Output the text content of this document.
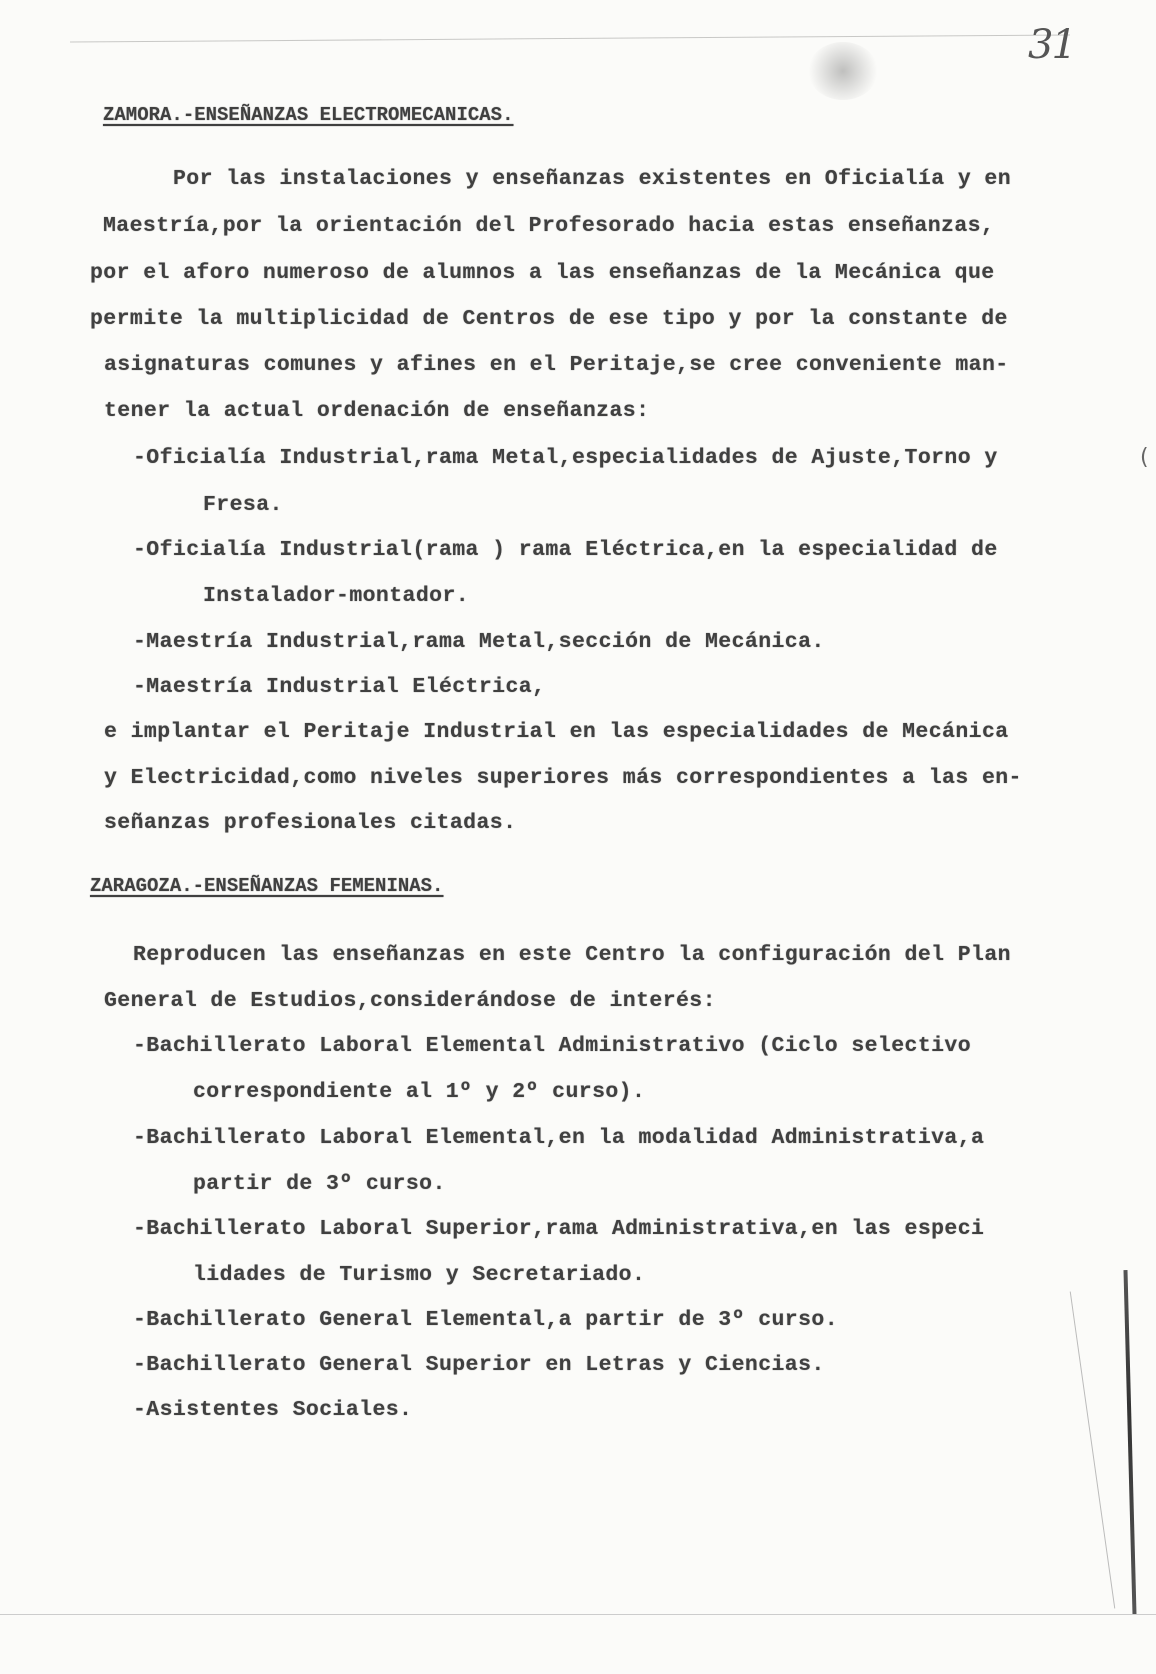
31
(
ZAMORA.-ENSEÑANZAS ELECTROMECANICAS.
Por las instalaciones y enseñanzas existentes en Oficialía y en
Maestría,por la orientación del Profesorado hacia estas enseñanzas,
por el aforo numeroso de alumnos a las enseñanzas de la Mecánica que
permite la multiplicidad de Centros de ese tipo y por la constante de
asignaturas comunes y afines en el Peritaje,se cree conveniente man-
tener la actual ordenación de enseñanzas:
-Oficialía Industrial,rama Metal,especialidades de Ajuste,Torno y
Fresa.
-Oficialía Industrial(rama ) rama Eléctrica,en la especialidad de
Instalador-montador.
-Maestría Industrial,rama Metal,sección de Mecánica.
-Maestría Industrial Eléctrica,
e implantar el Peritaje Industrial en las especialidades de Mecánica
y Electricidad,como niveles superiores más correspondientes a las en-
señanzas profesionales citadas.
ZARAGOZA.-ENSEÑANZAS FEMENINAS.
Reproducen las enseñanzas en este Centro la configuración del Plan
General de Estudios,considerándose de interés:
-Bachillerato Laboral Elemental Administrativo (Ciclo selectivo
correspondiente al 1º y 2º curso).
-Bachillerato Laboral Elemental,en la modalidad Administrativa,a
partir de 3º curso.
-Bachillerato Laboral Superior,rama Administrativa,en las especi
lidades de Turismo y Secretariado.
-Bachillerato General Elemental,a partir de 3º curso.
-Bachillerato General Superior en Letras y Ciencias.
-Asistentes Sociales.
